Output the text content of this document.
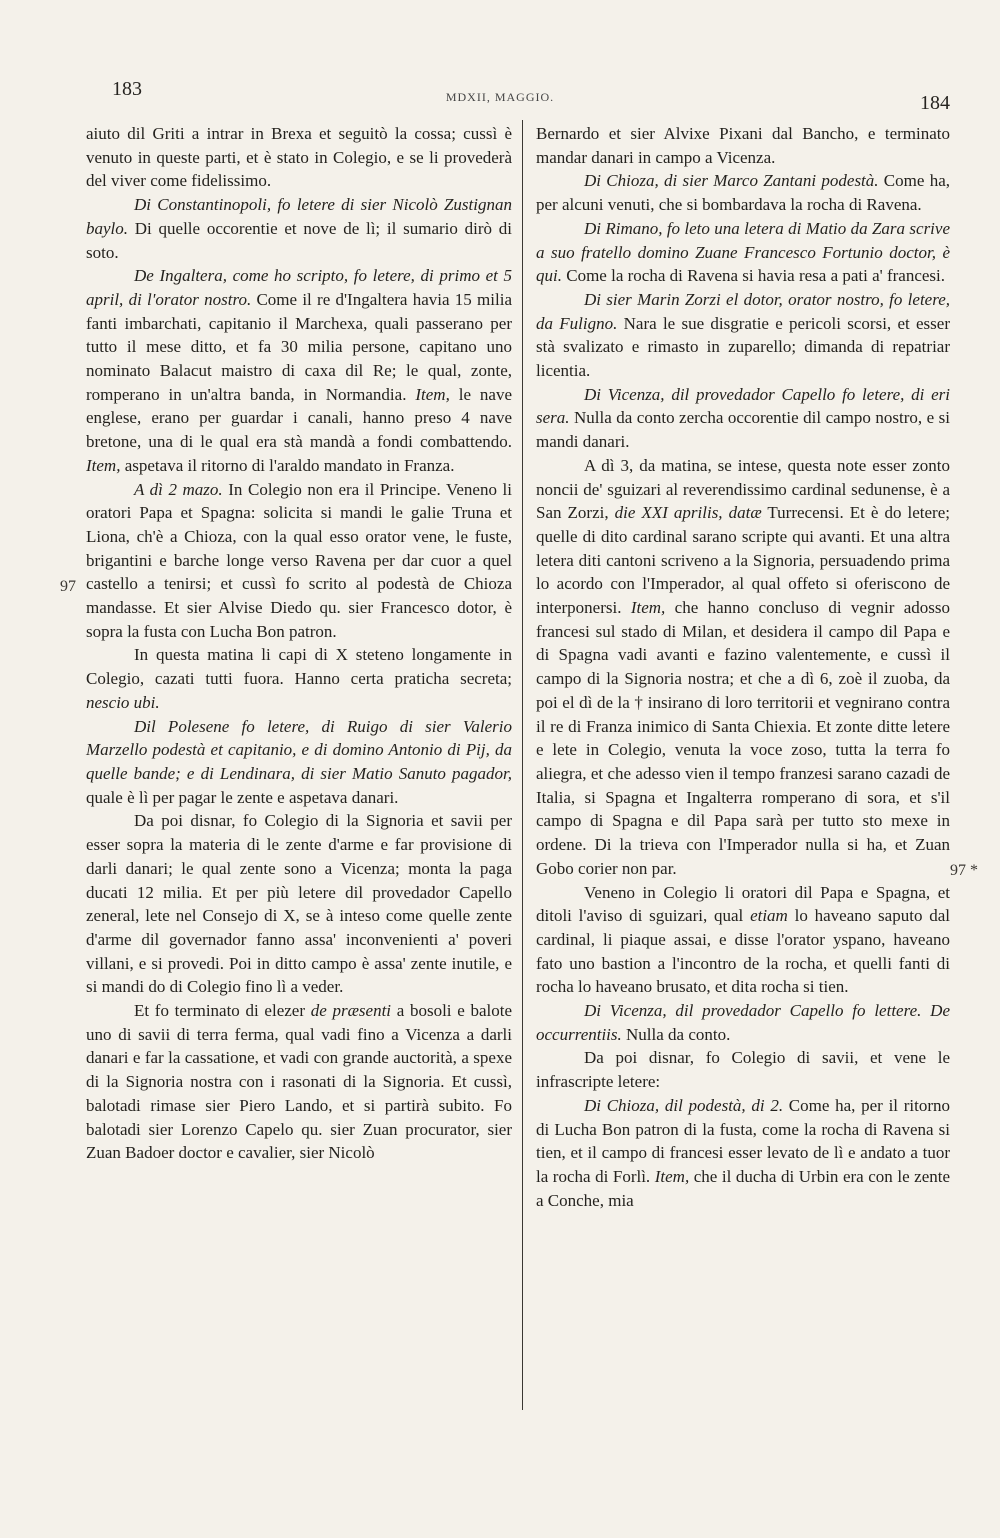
183	MDXII, MAGGIO.	184
97
97 *

aiuto dil Griti a intrar in Brexa et seguitò la cossa; cussì è venuto in queste parti, et è stato in Colegio, e se li provederà del viver come fidelissimo.

Di Constantinopoli, fo letere di sier Nicolò Zustignan baylo. Di quelle occorentie et nove de lì; il sumario dirò di soto.

De Ingaltera, come ho scripto, fo letere, di primo et 5 april, di l'orator nostro. Come il re d'Ingaltera havia 15 milia fanti imbarchati, capitanio il Marchexa, quali passerano per tutto il mese ditto, et fa 30 milia persone, capitano uno nominato Balacut maistro di caxa dil Re; le qual, zonte, romperano in un'altra banda, in Normandia. Item, le nave englese, erano per guardar i canali, hanno preso 4 nave bretone, una di le qual era stà mandà a fondi combattendo. Item, aspetava il ritorno di l'araldo mandato in Franza.

A dì 2 mazo. In Colegio non era il Principe. Veneno li oratori Papa et Spagna: solicita si mandi le galie Truna et Liona, ch'è a Chioza, con la qual esso orator vene, le fuste, brigantini e barche longe verso Ravena per dar cuor a quel castello a tenirsi; et cussì fo scrito al podestà de Chioza mandasse. Et sier Alvise Diedo qu. sier Francesco dotor, è sopra la fusta con Lucha Bon patron.

In questa matina li capi di X steteno longamente in Colegio, cazati tutti fuora. Hanno certa praticha secreta; nescio ubi.

Dil Polesene fo letere, di Ruigo di sier Valerio Marzello podestà et capitanio, e di domino Antonio di Pij, da quelle bande; e di Lendinara, di sier Matio Sanuto pagador, quale è lì per pagar le zente e aspetava danari.

Da poi disnar, fo Colegio di la Signoria et savii per esser sopra la materia di le zente d'arme e far provisione di darli danari; le qual zente sono a Vicenza; monta la paga ducati 12 milia. Et per più letere dil provedador Capello zeneral, lete nel Consejo di X, se à inteso come quelle zente d'arme dil governador fanno assa' inconvenienti a' poveri villani, e si provedi. Poi in ditto campo è assa' zente inutile, e si mandi do di Colegio fino lì a veder.

Et fo terminato di elezer de præsenti a bosoli e balote uno di savii di terra ferma, qual vadi fino a Vicenza a darli danari e far la cassatione, et vadi con grande auctorità, a spexe di la Signoria nostra con i rasonati di la Signoria. Et cussì, balotadi rimase sier Piero Lando, et si partirà subito. Fo balotadi sier Lorenzo Capelo qu. sier Zuan procurator, sier Zuan Badoer doctor e cavalier, sier Nicolò

Bernardo et sier Alvixe Pixani dal Bancho, e terminato mandar danari in campo a Vicenza.

Di Chioza, di sier Marco Zantani podestà. Come ha, per alcuni venuti, che si bombardava la rocha di Ravena.

Di Rimano, fo leto una letera di Matio da Zara scrive a suo fratello domino Zuane Francesco Fortunio doctor, è qui. Come la rocha di Ravena si havia resa a pati a' francesi.

Di sier Marin Zorzi el dotor, orator nostro, fo letere, da Fuligno. Nara le sue disgratie e pericoli scorsi, et esser stà svalizato e rimasto in zuparello; dimanda di repatriar licentia.

Di Vicenza, dil provedador Capello fo letere, di eri sera. Nulla da conto zercha occorentie dil campo nostro, e si mandi danari.

A dì 3, da matina, se intese, questa note esser zonto noncii de' sguizari al reverendissimo cardinal sedunense, è a San Zorzi, die XXI aprilis, datæ Turrecensi. Et è do letere; quelle di dito cardinal sarano scripte qui avanti. Et una altra letera diti cantoni scriveno a la Signoria, persuadendo prima lo acordo con l'Imperador, al qual offeto si oferiscono de interponersi. Item, che hanno concluso di vegnir adosso francesi sul stado di Milan, et desidera il campo dil Papa e di Spagna vadi avanti e fazino valentemente, e cussì il campo di la Signoria nostra; et che a dì 6, zoè il zuoba, da poi el dì de la † insirano di loro territorii et vegnirano contra il re di Franza inimico di Santa Chiexia. Et zonte ditte letere e lete in Colegio, venuta la voce zoso, tutta la terra fo aliegra, et che adesso vien il tempo franzesi sarano cazadi de Italia, si Spagna et Ingalterra romperano di sora, et s'il campo di Spagna e dil Papa sarà per tutto sto mexe in ordene. Di la trieva con l'Imperador nulla si ha, et Zuan Gobo corier non par.

Veneno in Colegio li oratori dil Papa e Spagna, et ditoli l'aviso di sguizari, qual etiam lo haveano saputo dal cardinal, li piaque assai, e disse l'orator yspano, haveano fato uno bastion a l'incontro de la rocha, et quelli fanti di rocha lo haveano brusato, et dita rocha si tien.

Di Vicenza, dil provedador Capello fo lettere. De occurrentiis. Nulla da conto.

Da poi disnar, fo Colegio di savii, et vene le infrascripte letere:

Di Chioza, dil podestà, di 2. Come ha, per il ritorno di Lucha Bon patron di la fusta, come la rocha di Ravena si tien, et il campo di francesi esser levato de lì e andato a tuor la rocha di Forlì. Item, che il ducha di Urbin era con le zente a Conche, mia
